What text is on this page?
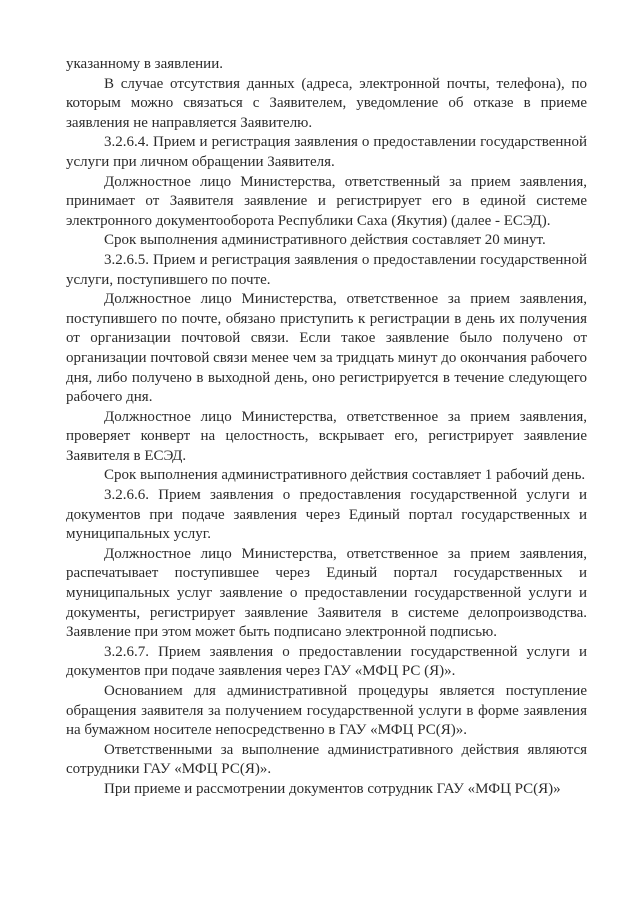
указанному в заявлении.

В случае отсутствия данных (адреса, электронной почты, телефона), по которым можно связаться с Заявителем, уведомление об отказе в приеме заявления не направляется Заявителю.

3.2.6.4. Прием и регистрация заявления о предоставлении государственной услуги при личном обращении Заявителя.

Должностное лицо Министерства, ответственный за прием заявления, принимает от Заявителя заявление и регистрирует его в единой системе электронного документооборота Республики Саха (Якутия) (далее - ЕСЭД).

Срок выполнения административного действия составляет 20 минут.

3.2.6.5. Прием и регистрация заявления о предоставлении государственной услуги, поступившего по почте.

Должностное лицо Министерства, ответственное за прием заявления, поступившего по почте, обязано приступить к регистрации в день их получения от организации почтовой связи. Если такое заявление было получено от организации почтовой связи менее чем за тридцать минут до окончания рабочего дня, либо получено в выходной день, оно регистрируется в течение следующего рабочего дня.

Должностное лицо Министерства, ответственное за прием заявления, проверяет конверт на целостность, вскрывает его, регистрирует заявление Заявителя в ЕСЭД.

Срок выполнения административного действия составляет 1 рабочий день.

3.2.6.6. Прием заявления о предоставления государственной услуги и документов при подаче заявления через Единый портал государственных и муниципальных услуг.

Должностное лицо Министерства, ответственное за прием заявления, распечатывает поступившее через Единый портал государственных и муниципальных услуг заявление о предоставлении государственной услуги и документы, регистрирует заявление Заявителя в системе делопроизводства. Заявление при этом может быть подписано электронной подписью.

3.2.6.7. Прием заявления о предоставлении государственной услуги и документов при подаче заявления через ГАУ «МФЦ РС (Я)».

Основанием для административной процедуры является поступление обращения заявителя за получением государственной услуги в форме заявления на бумажном носителе непосредственно в ГАУ «МФЦ РС(Я)».

Ответственными за выполнение административного действия являются сотрудники ГАУ «МФЦ РС(Я)».

При приеме и рассмотрении документов сотрудник ГАУ «МФЦ РС(Я)»
